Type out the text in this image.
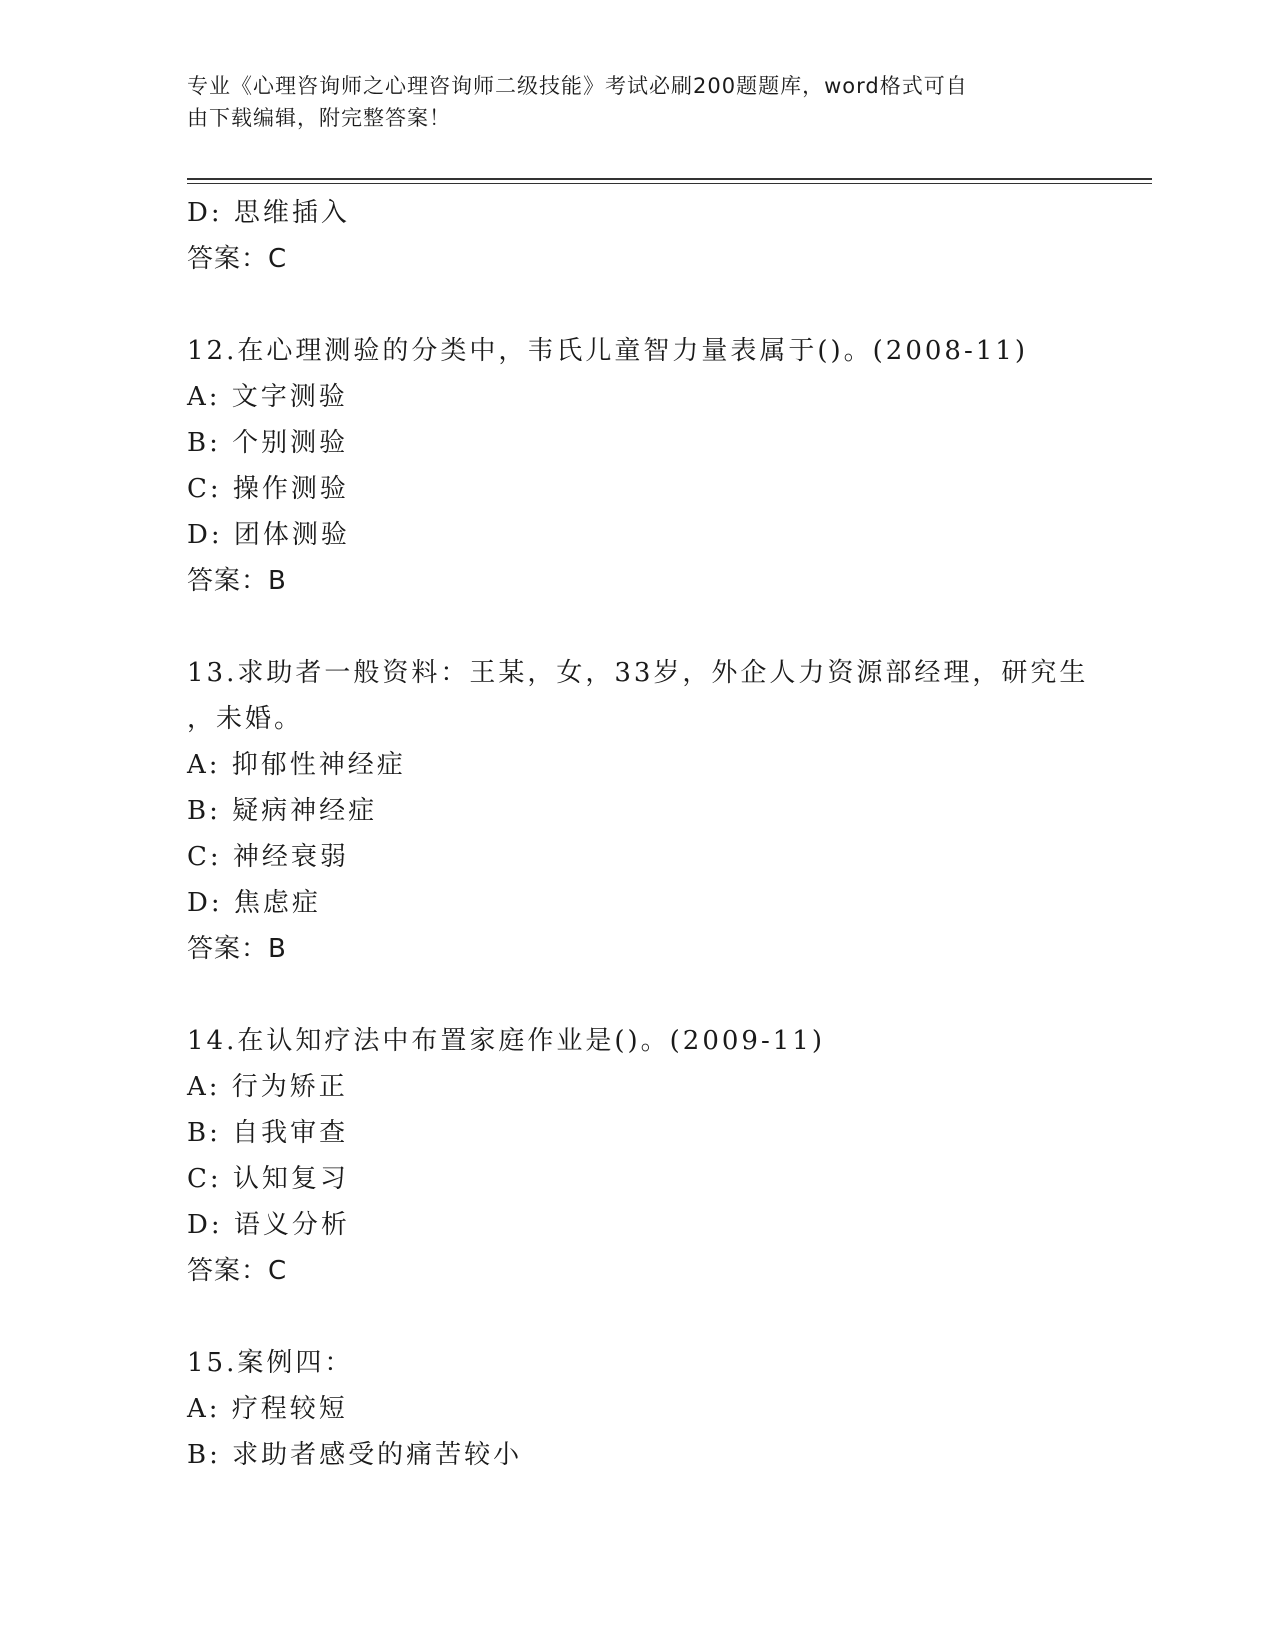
专业《心理咨询师之心理咨询师二级技能》考试必刷200题题库，word格式可自
由下载编辑，附完整答案！
D: 思维插入
答案：C
12.在心理测验的分类中，韦氏儿童智力量表属于()。(2008-11)
A: 文字测验
B: 个别测验
C: 操作测验
D: 团体测验
答案：B
13.求助者一般资料：王某，女，33岁，外企人力资源部经理，研究生
，未婚。
A: 抑郁性神经症
B: 疑病神经症
C: 神经衰弱
D: 焦虑症
答案：B
14.在认知疗法中布置家庭作业是()。(2009-11)
A: 行为矫正
B: 自我审查
C: 认知复习
D: 语义分析
答案：C
15.案例四：
A: 疗程较短
B: 求助者感受的痛苦较小
